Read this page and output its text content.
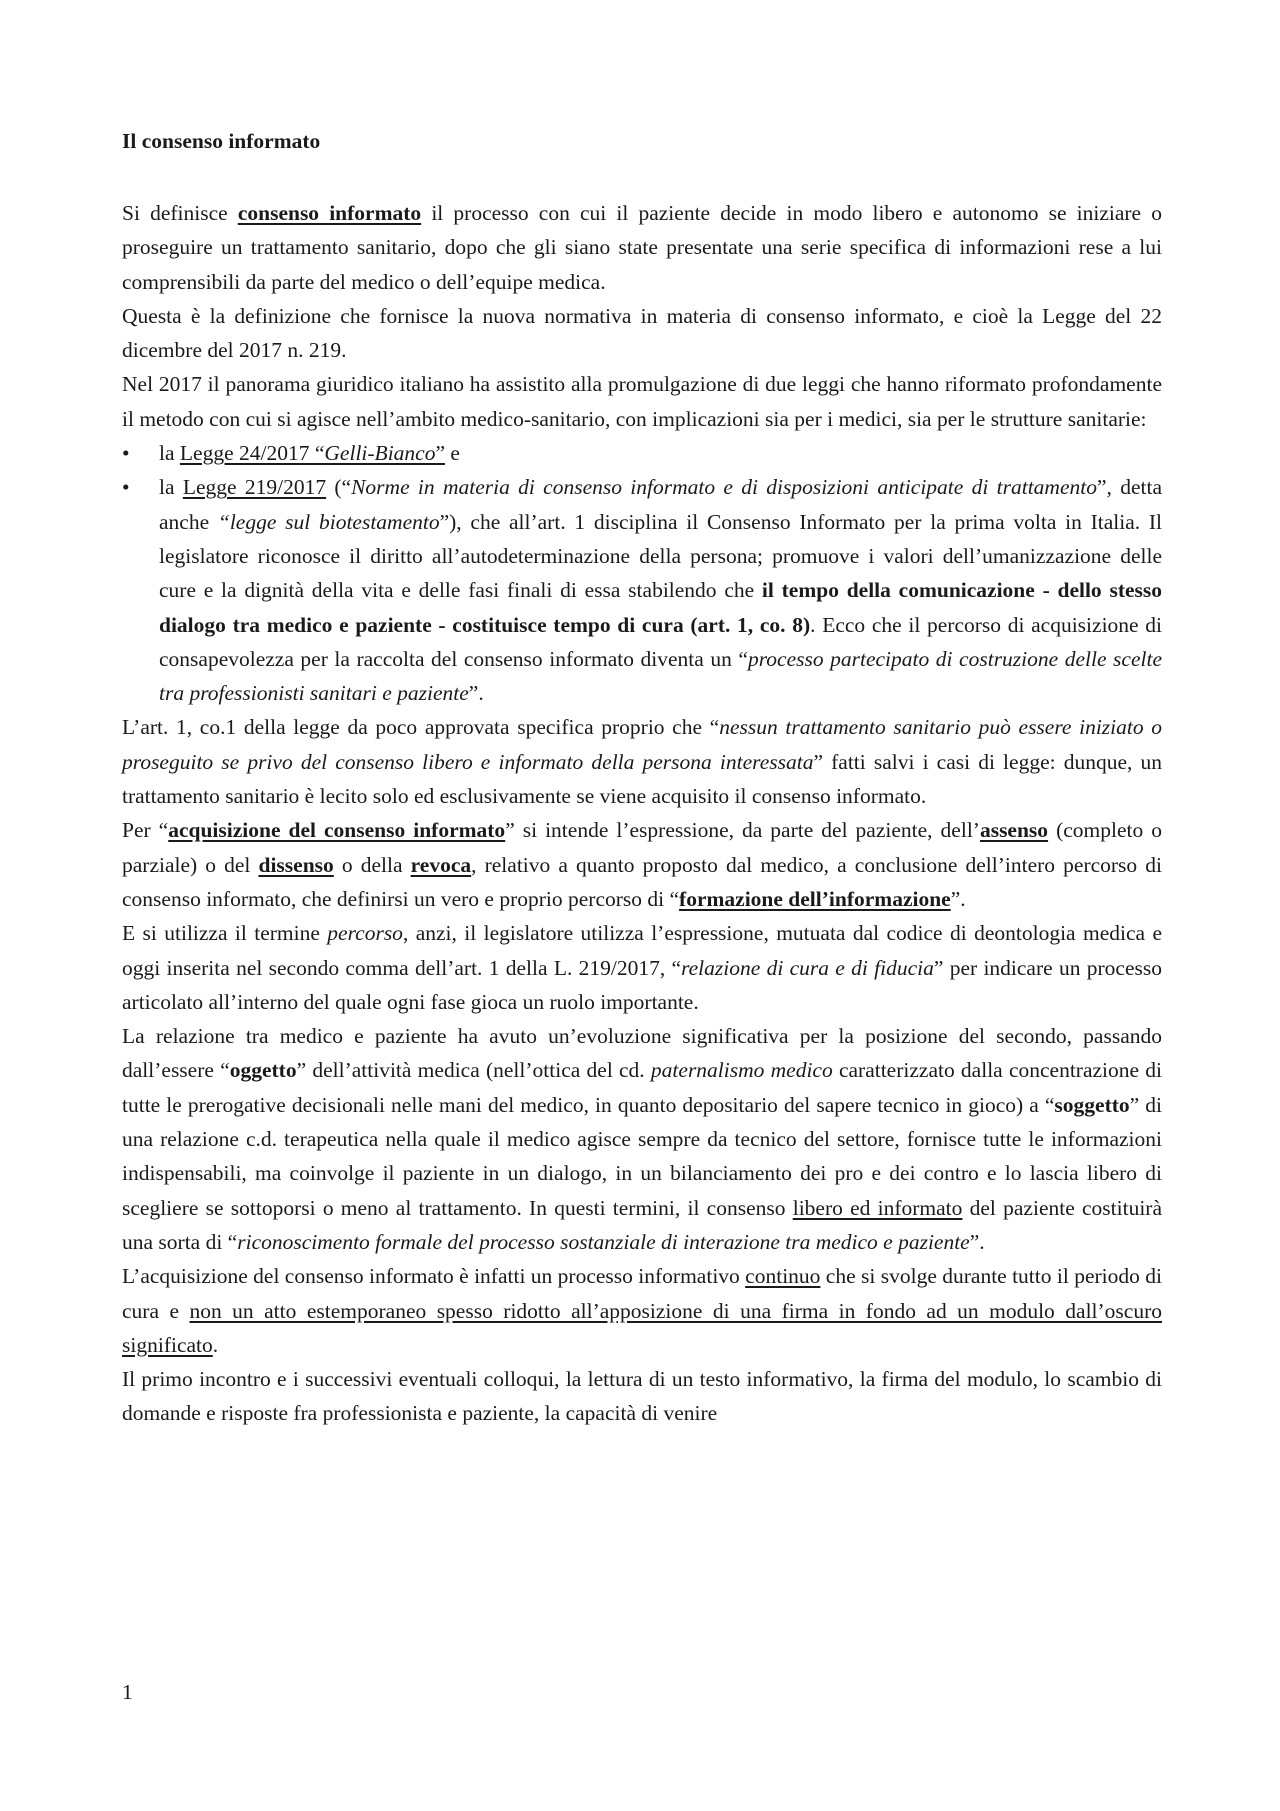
Il consenso informato

Si definisce consenso informato il processo con cui il paziente decide in modo libero e autonomo se iniziare o proseguire un trattamento sanitario, dopo che gli siano state presentate una serie specifica di informazioni rese a lui comprensibili da parte del medico o dell’equipe medica.

Questa è la definizione che fornisce la nuova normativa in materia di consenso informato, e cioè la Legge del 22 dicembre del 2017 n. 219.

Nel 2017 il panorama giuridico italiano ha assistito alla promulgazione di due leggi che hanno riformato profondamente il metodo con cui si agisce nell’ambito medico-sanitario, con implicazioni sia per i medici, sia per le strutture sanitarie:

• la Legge 24/2017 “Gelli-Bianco” e
• la Legge 219/2017 (“Norme in materia di consenso informato e di disposizioni anticipate di trattamento”, detta anche “legge sul biotestamento”), che all’art. 1 disciplina il Consenso Informato per la prima volta in Italia. Il legislatore riconosce il diritto all’autodeterminazione della persona; promuove i valori dell’umanizzazione delle cure e la dignità della vita e delle fasi finali di essa stabilendo che il tempo della comunicazione - dello stesso dialogo tra medico e paziente - costituisce tempo di cura (art. 1, co. 8). Ecco che il percorso di acquisizione di consapevolezza per la raccolta del consenso informato diventa un “processo partecipato di costruzione delle scelte tra professionisti sanitari e paziente”.

L’art. 1, co.1 della legge da poco approvata specifica proprio che “nessun trattamento sanitario può essere iniziato o proseguito se privo del consenso libero e informato della persona interessata” fatti salvi i casi di legge: dunque, un trattamento sanitario è lecito solo ed esclusivamente se viene acquisito il consenso informato.

Per “acquisizione del consenso informato” si intende l’espressione, da parte del paziente, dell’assenso (completo o parziale) o del dissenso o della revoca, relativo a quanto proposto dal medico, a conclusione dell’intero percorso di consenso informato, che definirsi un vero e proprio percorso di “formazione dell’informazione”.

E si utilizza il termine percorso, anzi, il legislatore utilizza l’espressione, mutuata dal codice di deontologia medica e oggi inserita nel secondo comma dell’art. 1 della L. 219/2017, “relazione di cura e di fiducia” per indicare un processo articolato all’interno del quale ogni fase gioca un ruolo importante.

La relazione tra medico e paziente ha avuto un’evoluzione significativa per la posizione del secondo, passando dall’essere “oggetto” dell’attività medica (nell’ottica del cd. paternalismo medico caratterizzato dalla concentrazione di tutte le prerogative decisionali nelle mani del medico, in quanto depositario del sapere tecnico in gioco) a “soggetto” di una relazione c.d. terapeutica nella quale il medico agisce sempre da tecnico del settore, fornisce tutte le informazioni indispensabili, ma coinvolge il paziente in un dialogo, in un bilanciamento dei pro e dei contro e lo lascia libero di scegliere se sottoporsi o meno al trattamento. In questi termini, il consenso libero ed informato del paziente costituirà una sorta di “riconoscimento formale del processo sostanziale di interazione tra medico e paziente”.

L’acquisizione del consenso informato è infatti un processo informativo continuo che si svolge durante tutto il periodo di cura e non un atto estemporaneo spesso ridotto all’apposizione di una firma in fondo ad un modulo dall’oscuro significato.

Il primo incontro e i successivi eventuali colloqui, la lettura di un testo informativo, la firma del modulo, lo scambio di domande e risposte fra professionista e paziente, la capacità di venire

1
